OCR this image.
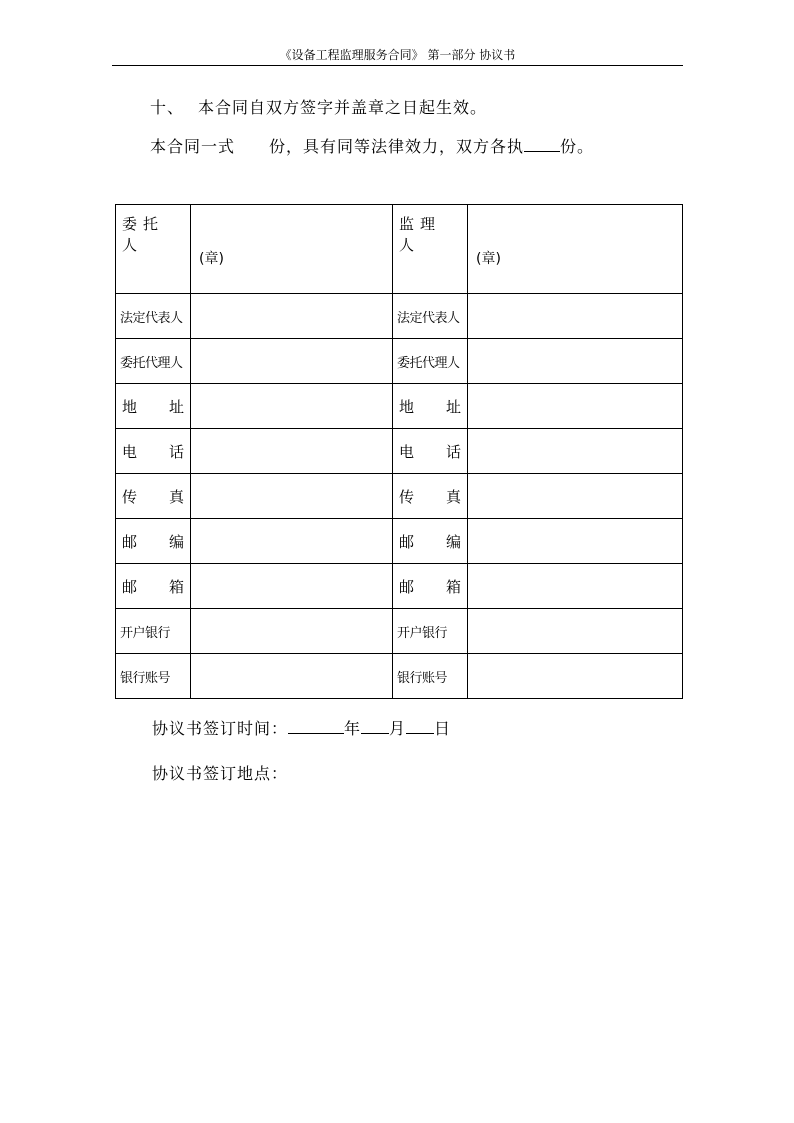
《设备工程监理服务合同》 第一部分 协议书
十、 本合同自双方签字并盖章之日起生效。
本合同一式 份，具有同等法律效力，双方各执 份。
委托人	(章)	监理人	(章)

法定代表人		法定代表人	

委托代理人		委托代理人	

地 址		地 址	

电 话		电 话	

传 真		传 真	

邮 编		邮 编	

邮 箱		邮 箱	

开户银行		开户银行	

银行账号		银行账号	

协议书签订时间：	年 月 日
协议书签订地点：
